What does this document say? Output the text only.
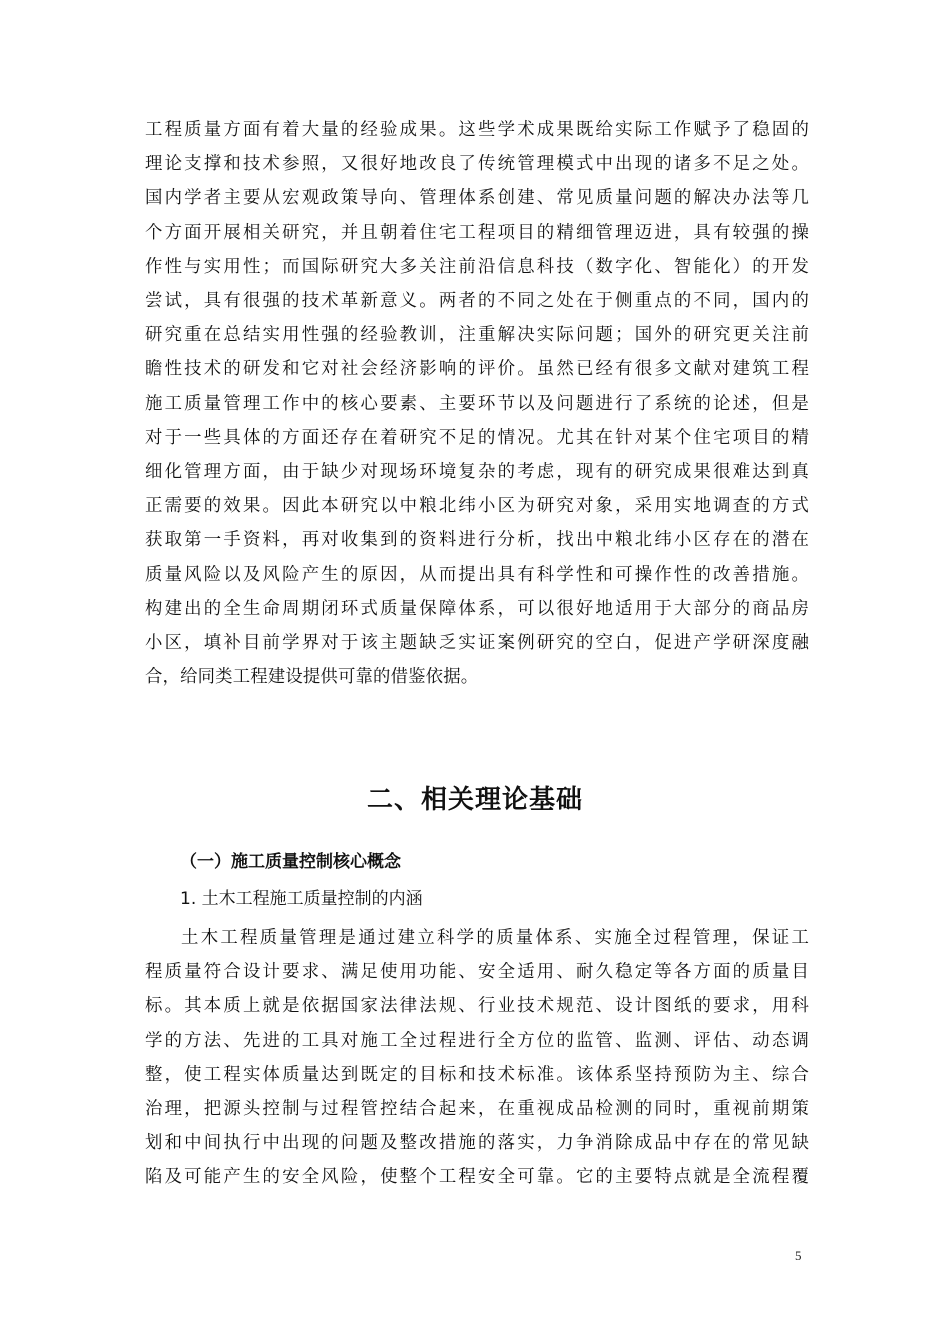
工程质量方面有着大量的经验成果。这些学术成果既给实际工作赋予了稳固的
理论支撑和技术参照，又很好地改良了传统管理模式中出现的诸多不足之处。
国内学者主要从宏观政策导向、管理体系创建、常见质量问题的解决办法等几
个方面开展相关研究，并且朝着住宅工程项目的精细管理迈进，具有较强的操
作性与实用性；而国际研究大多关注前沿信息科技（数字化、智能化）的开发
尝试，具有很强的技术革新意义。两者的不同之处在于侧重点的不同，国内的
研究重在总结实用性强的经验教训，注重解决实际问题；国外的研究更关注前
瞻性技术的研发和它对社会经济影响的评价。虽然已经有很多文献对建筑工程
施工质量管理工作中的核心要素、主要环节以及问题进行了系统的论述，但是
对于一些具体的方面还存在着研究不足的情况。尤其在针对某个住宅项目的精
细化管理方面，由于缺少对现场环境复杂的考虑，现有的研究成果很难达到真
正需要的效果。因此本研究以中粮北纬小区为研究对象，采用实地调查的方式
获取第一手资料，再对收集到的资料进行分析，找出中粮北纬小区存在的潜在
质量风险以及风险产生的原因，从而提出具有科学性和可操作性的改善措施。
构建出的全生命周期闭环式质量保障体系，可以很好地适用于大部分的商品房
小区，填补目前学界对于该主题缺乏实证案例研究的空白，促进产学研深度融
合，给同类工程建设提供可靠的借鉴依据。
二、相关理论基础
（一）施工质量控制核心概念
1. 土木工程施工质量控制的内涵
土木工程质量管理是通过建立科学的质量体系、实施全过程管理，保证工
程质量符合设计要求、满足使用功能、安全适用、耐久稳定等各方面的质量目
标。其本质上就是依据国家法律法规、行业技术规范、设计图纸的要求，用科
学的方法、先进的工具对施工全过程进行全方位的监管、监测、评估、动态调
整，使工程实体质量达到既定的目标和技术标准。该体系坚持预防为主、综合
治理，把源头控制与过程管控结合起来，在重视成品检测的同时，重视前期策
划和中间执行中出现的问题及整改措施的落实，力争消除成品中存在的常见缺
陷及可能产生的安全风险，使整个工程安全可靠。它的主要特点就是全流程覆
5
